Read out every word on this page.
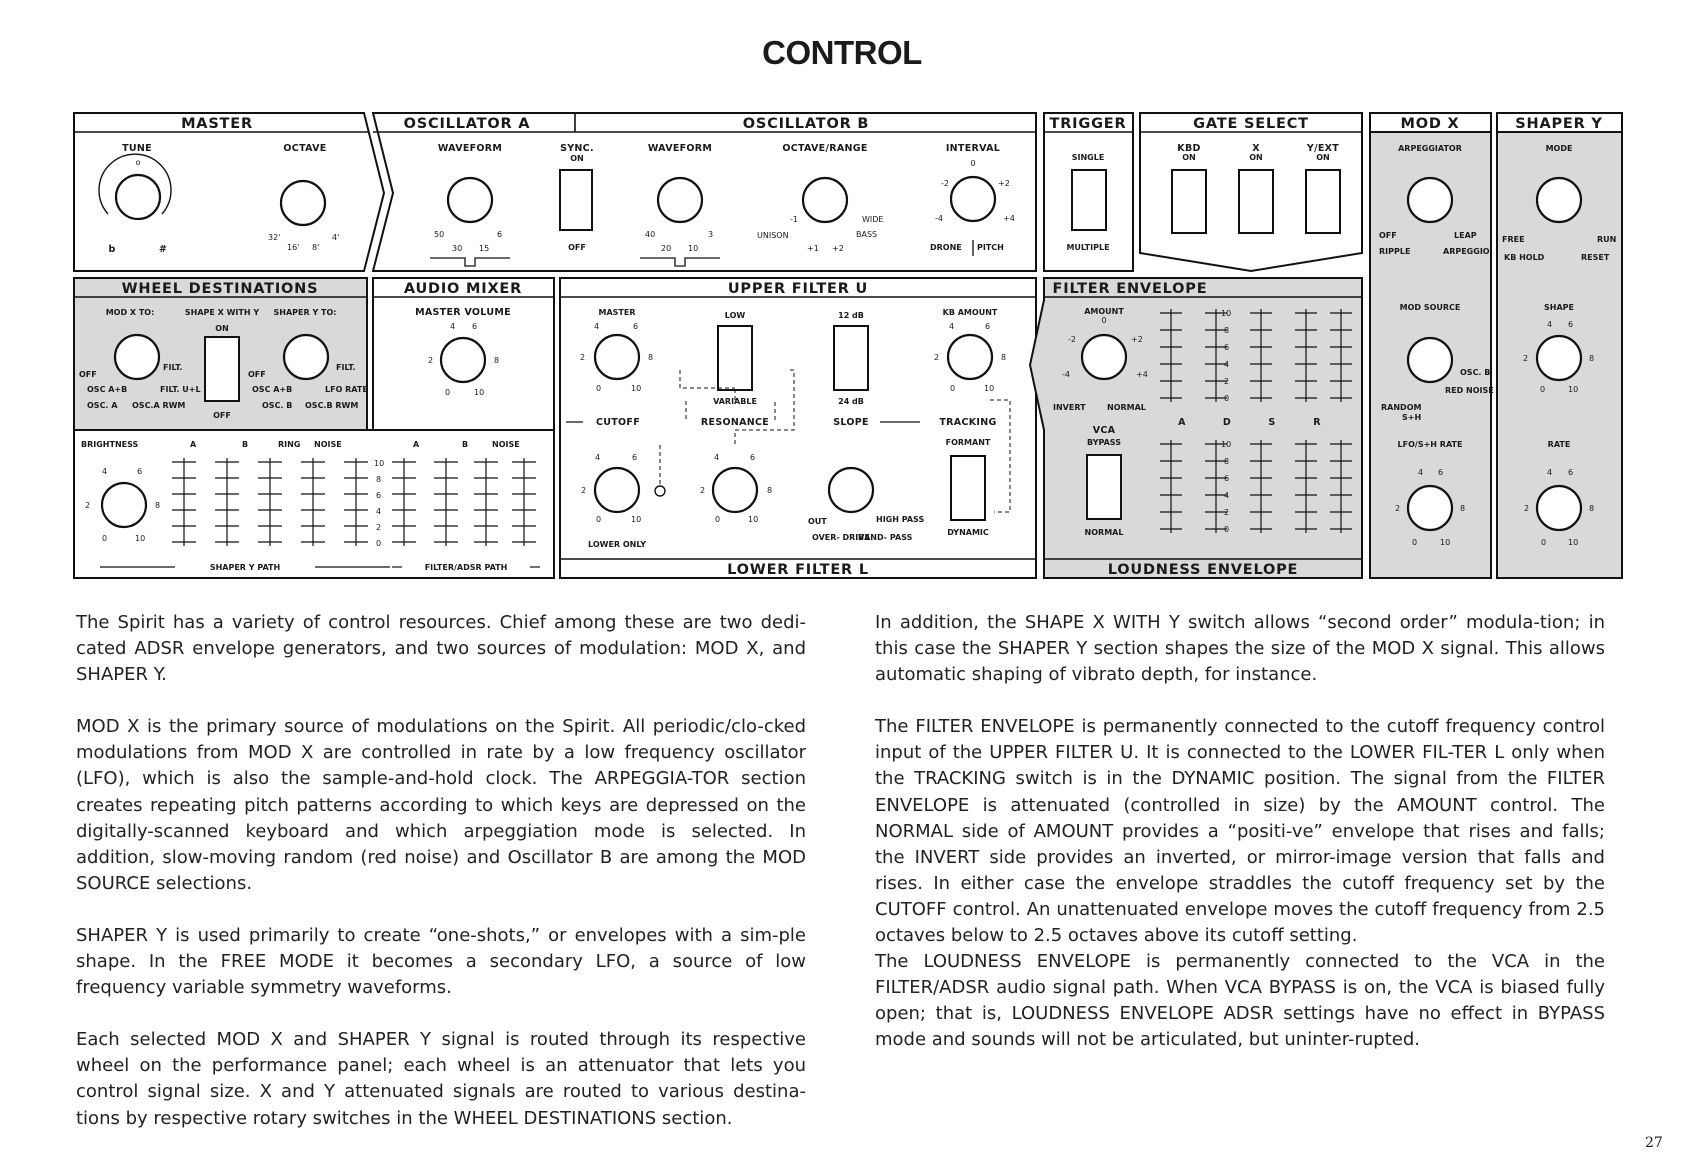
CONTROL
MASTER
TUNE	OCTAVE
o
b	#
32'
16' 8'
4'
OSCILLATOR A	OSCILLATOR B
WAVEFORM
50	6
30 15
SYNC.
ON
OFF
WAVEFORM
40	3
20 10
OCTAVE/RANGE
-1	WIDE
UNISON	BASS
+1 +2
INTERVAL
0
-2	+2
-4	+4
DRONE PITCH
TRIGGER
SINGLE
MULTIPLE
GATE SELECT
KBD
ON
X
ON
Y/EXT
ON
MOD X
ARPEGGIATOR
OFF	LEAP
RIPPLE	ARPEGGIO
MOD SOURCE
OSC. B
RED NOISE
RANDOM
S+H
LFO/S+H RATE
4 6
2	8
0	10
SHAPER Y
MODE
FREE	RUN
KB HOLD	RESET
SHAPE
4 6
2	8
0	10
RATE
4 6
2	8
0	10
WHEEL DESTINATIONS
MOD X TO:	SHAPE X WITH Y
ON
SHAPER Y TO:
OFF
OFF
FILT.
OSC A+B	FILT. U+L
OSC. A OSC.A RWM
OFF
FILT.
OSC A+B	LFO RATE
OSC. B OSC.B RWM
AUDIO MIXER
MASTER VOLUME
4 6
2	8
0	10
BRIGHTNESS	A	B	RING NOISE	A	B	NOISE
4	6
2	8
0	10
10
8
6
4
2
0
SHAPER Y PATH	FILTER/ADSR PATH
UPPER FILTER U
LOWER FILTER L
MASTER
4	6
2	8
0	10
LOW
VARIABLE
12 dB
24 dB
KB AMOUNT
4	6
2	8
0	10
CUTOFF	RESONANCE	SLOPE	TRACKING
4	6
2
0	10
LOWER ONLY
4	6
2	8
0	10	OUT	HIGH PASS
OVER- DRIVE
BAND- PASS
FORMANT
DYNAMIC
FILTER ENVELOPE
LOUDNESS ENVELOPE
AMOUNT
0
-2	+2
-4	+4
INVERT	NORMAL
VCA
BYPASS
NORMAL
A	D	S	R
10
8
6
4
2
0
10
8
6
4
2
0

The Spirit has a variety of control resources. Chief among these are two dedi-cated ADSR envelope generators, and two sources of modulation: MOD X, and SHAPER Y.

MOD X is the primary source of modulations on the Spirit. All periodic/clo-cked modulations from MOD X are controlled in rate by a low frequency oscillator (LFO), which is also the sample-and-hold clock. The ARPEGGIA-TOR section creates repeating pitch patterns according to which keys are depressed on the digitally-scanned keyboard and which arpeggiation mode is selected. In addition, slow-moving random (red noise) and Oscillator B are among the MOD SOURCE selections.

SHAPER Y is used primarily to create “one-shots,” or envelopes with a sim-ple shape. In the FREE MODE it becomes a secondary LFO, a source of low frequency variable symmetry waveforms.

Each selected MOD X and SHAPER Y signal is routed through its respective wheel on the performance panel; each wheel is an attenuator that lets you control signal size. X and Y attenuated signals are routed to various destina-tions by respective rotary switches in the WHEEL DESTINATIONS section.

In addition, the SHAPE X WITH Y switch allows “second order” modula-tion; in this case the SHAPER Y section shapes the size of the MOD X signal. This allows automatic shaping of vibrato depth, for instance.

The FILTER ENVELOPE is permanently connected to the cutoff frequency control input of the UPPER FILTER U. It is connected to the LOWER FIL-TER L only when the TRACKING switch is in the DYNAMIC position. The signal from the FILTER ENVELOPE is attenuated (controlled in size) by the AMOUNT control. The NORMAL side of AMOUNT provides a “positi-ve” envelope that rises and falls; the INVERT side provides an inverted, or mirror-image version that falls and rises. In either case the envelope straddles the cutoff frequency set by the CUTOFF control. An unattenuated envelope moves the cutoff frequency from 2.5 octaves below to 2.5 octaves above its cutoff setting.

The LOUDNESS ENVELOPE is permanently connected to the VCA in the FILTER/ADSR audio signal path. When VCA BYPASS is on, the VCA is biased fully open; that is, LOUDNESS ENVELOPE ADSR settings have no effect in BYPASS mode and sounds will not be articulated, but uninter-rupted.

27
